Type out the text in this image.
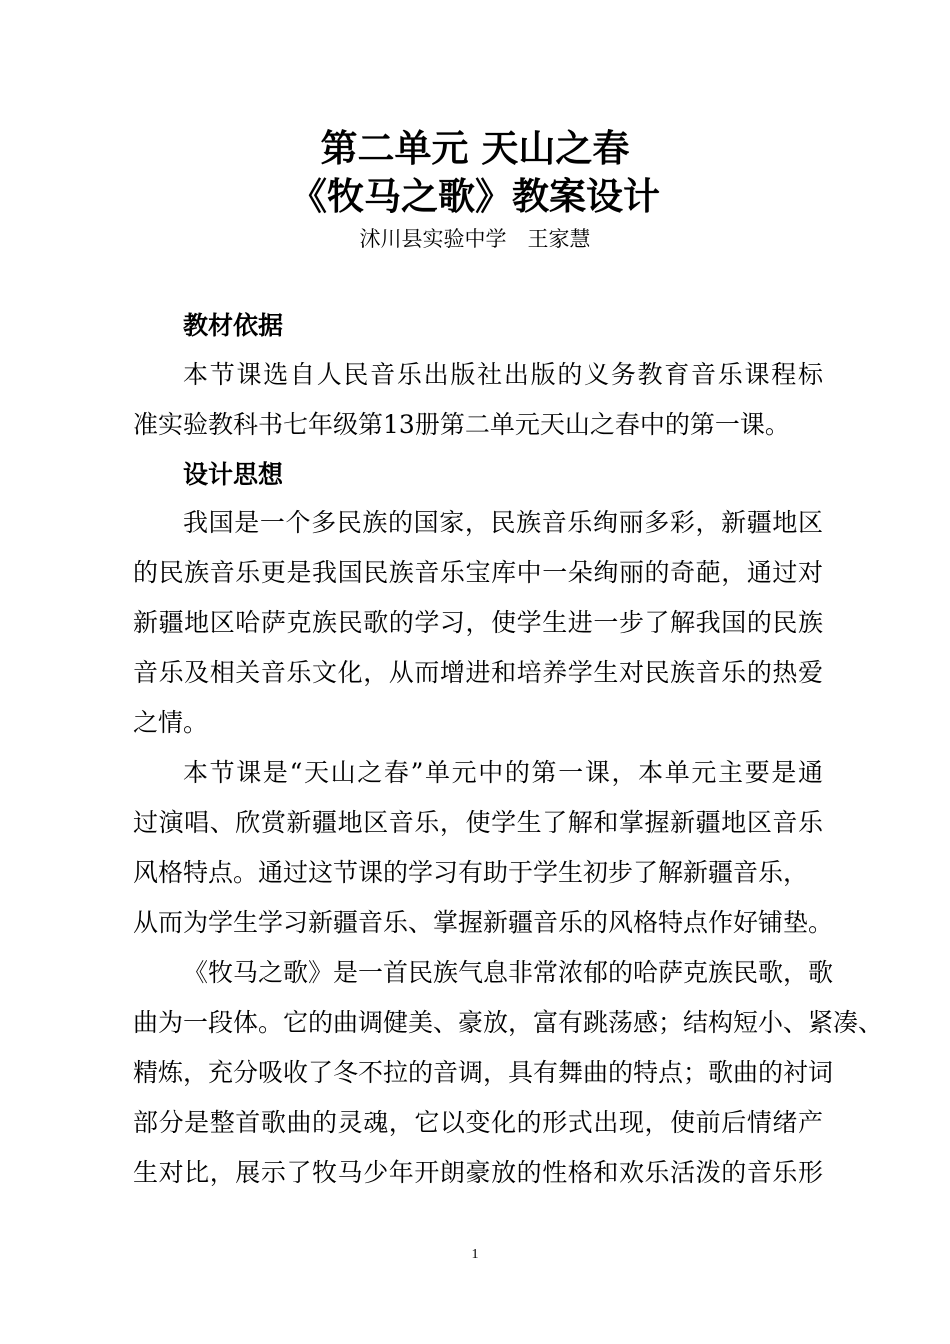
第二单元 天山之春
《牧马之歌》教案设计
沭川县实验中学　王家慧
教材依据
本节课选自人民音乐出版社出版的义务教育音乐课程标
准实验教科书七年级第13册第二单元天山之春中的第一课。
设计思想
我国是一个多民族的国家，民族音乐绚丽多彩，新疆地区
的民族音乐更是我国民族音乐宝库中一朵绚丽的奇葩，通过对
新疆地区哈萨克族民歌的学习，使学生进一步了解我国的民族
音乐及相关音乐文化，从而增进和培养学生对民族音乐的热爱
之情。
本节课是“天山之春”单元中的第一课，本单元主要是通
过演唱、欣赏新疆地区音乐，使学生了解和掌握新疆地区音乐
风格特点。通过这节课的学习有助于学生初步了解新疆音乐，
从而为学生学习新疆音乐、掌握新疆音乐的风格特点作好铺垫。
《牧马之歌》是一首民族气息非常浓郁的哈萨克族民歌，歌
曲为一段体。它的曲调健美、豪放，富有跳荡感；结构短小、紧凑、
精炼，充分吸收了冬不拉的音调，具有舞曲的特点；歌曲的衬词
部分是整首歌曲的灵魂，它以变化的形式出现，使前后情绪产
生对比，展示了牧马少年开朗豪放的性格和欢乐活泼的音乐形
1
